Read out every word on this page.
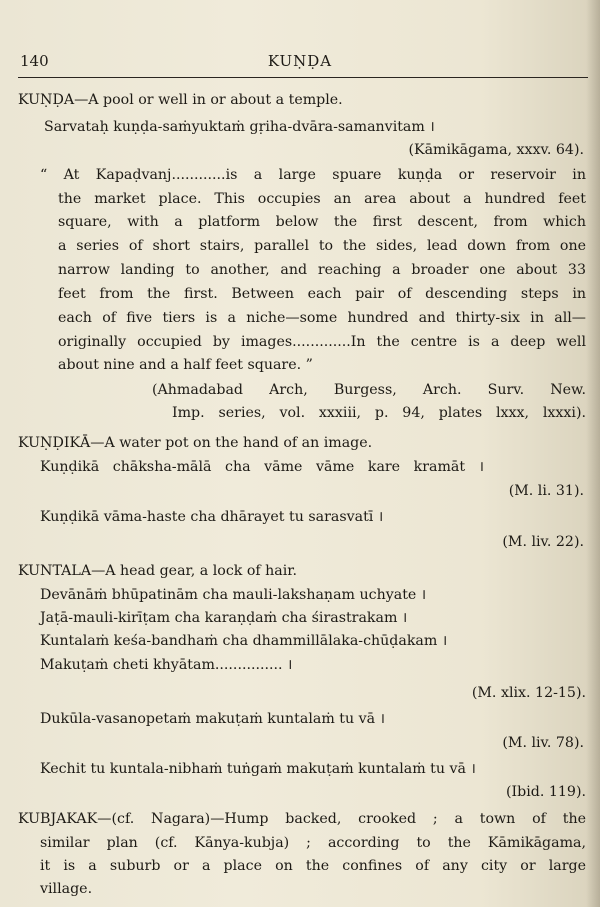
140	KUṆḌA
KUṆḌA—A pool or well in or about a temple.
Sarvataḥ kuṇḍa-saṁyuktaṁ gṛiha-dvāra-samanvitam ।
(Kāmikāgama, xxxv. 64).
“ At Kapaḍvanj............is a large spuare kuṇḍa or reservoir in
the market place. This occupies an area about a hundred feet
square, with a platform below the first descent, from which
a series of short stairs, parallel to the sides, lead down from one
narrow landing to another, and reaching a broader one about 33
feet from the first. Between each pair of descending steps in
each of five tiers is a niche—some hundred and thirty-six in all—
originally occupied by images.............In the centre is a deep well
about nine and a half feet square. ”
(Ahmadabad Arch, Burgess, Arch. Surv. New.
Imp. series, vol. xxxiii, p. 94, plates lxxx, lxxxi).
KUṆḌIKĀ—A water pot on the hand of an image.
Kuṇḍikā chāksha-mālā cha vāme vāme kare kramāt ।
(M. li. 31).
Kuṇḍikā vāma-haste cha dhārayet tu sarasvatī ।
(M. liv. 22).
KUNTALA—A head gear, a lock of hair.
Devānāṁ bhūpatinām cha mauli-lakshaṇam uchyate ।
Jaṭā-mauli-kirīṭam cha karaṇḍaṁ cha śirastrakam ।
Kuntalaṁ keśa-bandhaṁ cha dhammillālaka-chūḍakam ।
Makuṭaṁ cheti khyātam............... ।
(M. xlix. 12-15).
Dukūla-vasanopetaṁ makuṭaṁ kuntalaṁ tu vā ।
(M. liv. 78).
Kechit tu kuntala-nibhaṁ tuṅgaṁ makuṭaṁ kuntalaṁ tu vā ।
(Ibid. 119).
KUBJAKAK—(cf. Nagara)—Hump backed, crooked ; a town of the
similar plan (cf. Kānya-kubja) ; according to the Kāmikāgama,
it is a suburb or a place on the confines of any city or large
village.
